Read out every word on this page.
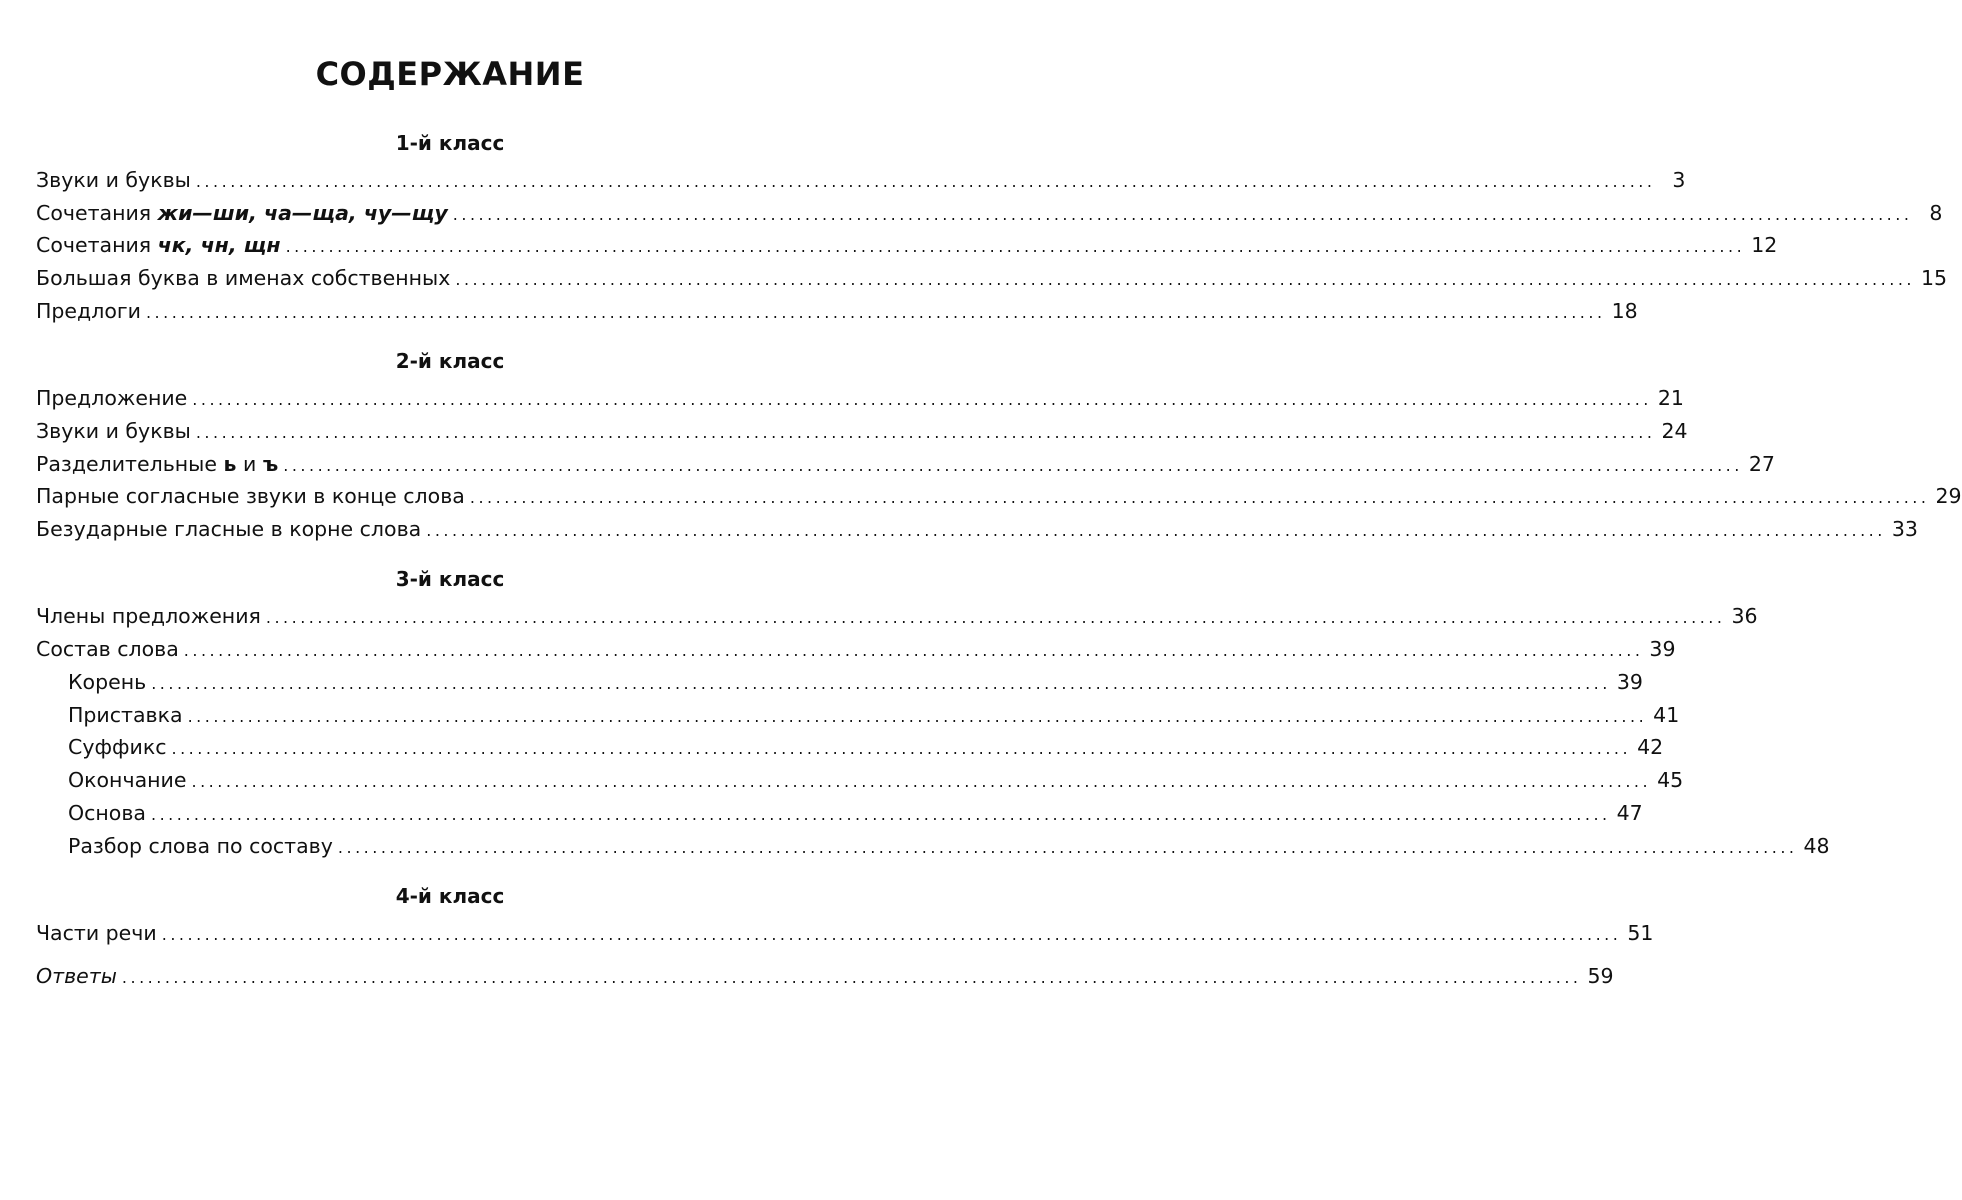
СОДЕРЖАНИЕ
1-й класс
Звуки и буквы .......................................................................................................................................................................... 3
Сочетания жи—ши, ча—ща, чу—щу .......................................................................................................................................................................... 8
Сочетания чк, чн, щн .......................................................................................................................................................................... 12
Большая буква в именах собственных .......................................................................................................................................................................... 15
Предлоги .......................................................................................................................................................................... 18
2-й класс
Предложение .......................................................................................................................................................................... 21
Звуки и буквы .......................................................................................................................................................................... 24
Разделительные ь и ъ .......................................................................................................................................................................... 27
Парные согласные звуки в конце слова .......................................................................................................................................................................... 29
Безударные гласные в корне слова .......................................................................................................................................................................... 33
3-й класс
Члены предложения .......................................................................................................................................................................... 36
Состав слова .......................................................................................................................................................................... 39
Корень .......................................................................................................................................................................... 39
Приставка .......................................................................................................................................................................... 41
Суффикс .......................................................................................................................................................................... 42
Окончание .......................................................................................................................................................................... 45
Основа .......................................................................................................................................................................... 47
Разбор слова по составу .......................................................................................................................................................................... 48
4-й класс
Части речи .......................................................................................................................................................................... 51
Ответы .......................................................................................................................................................................... 59
